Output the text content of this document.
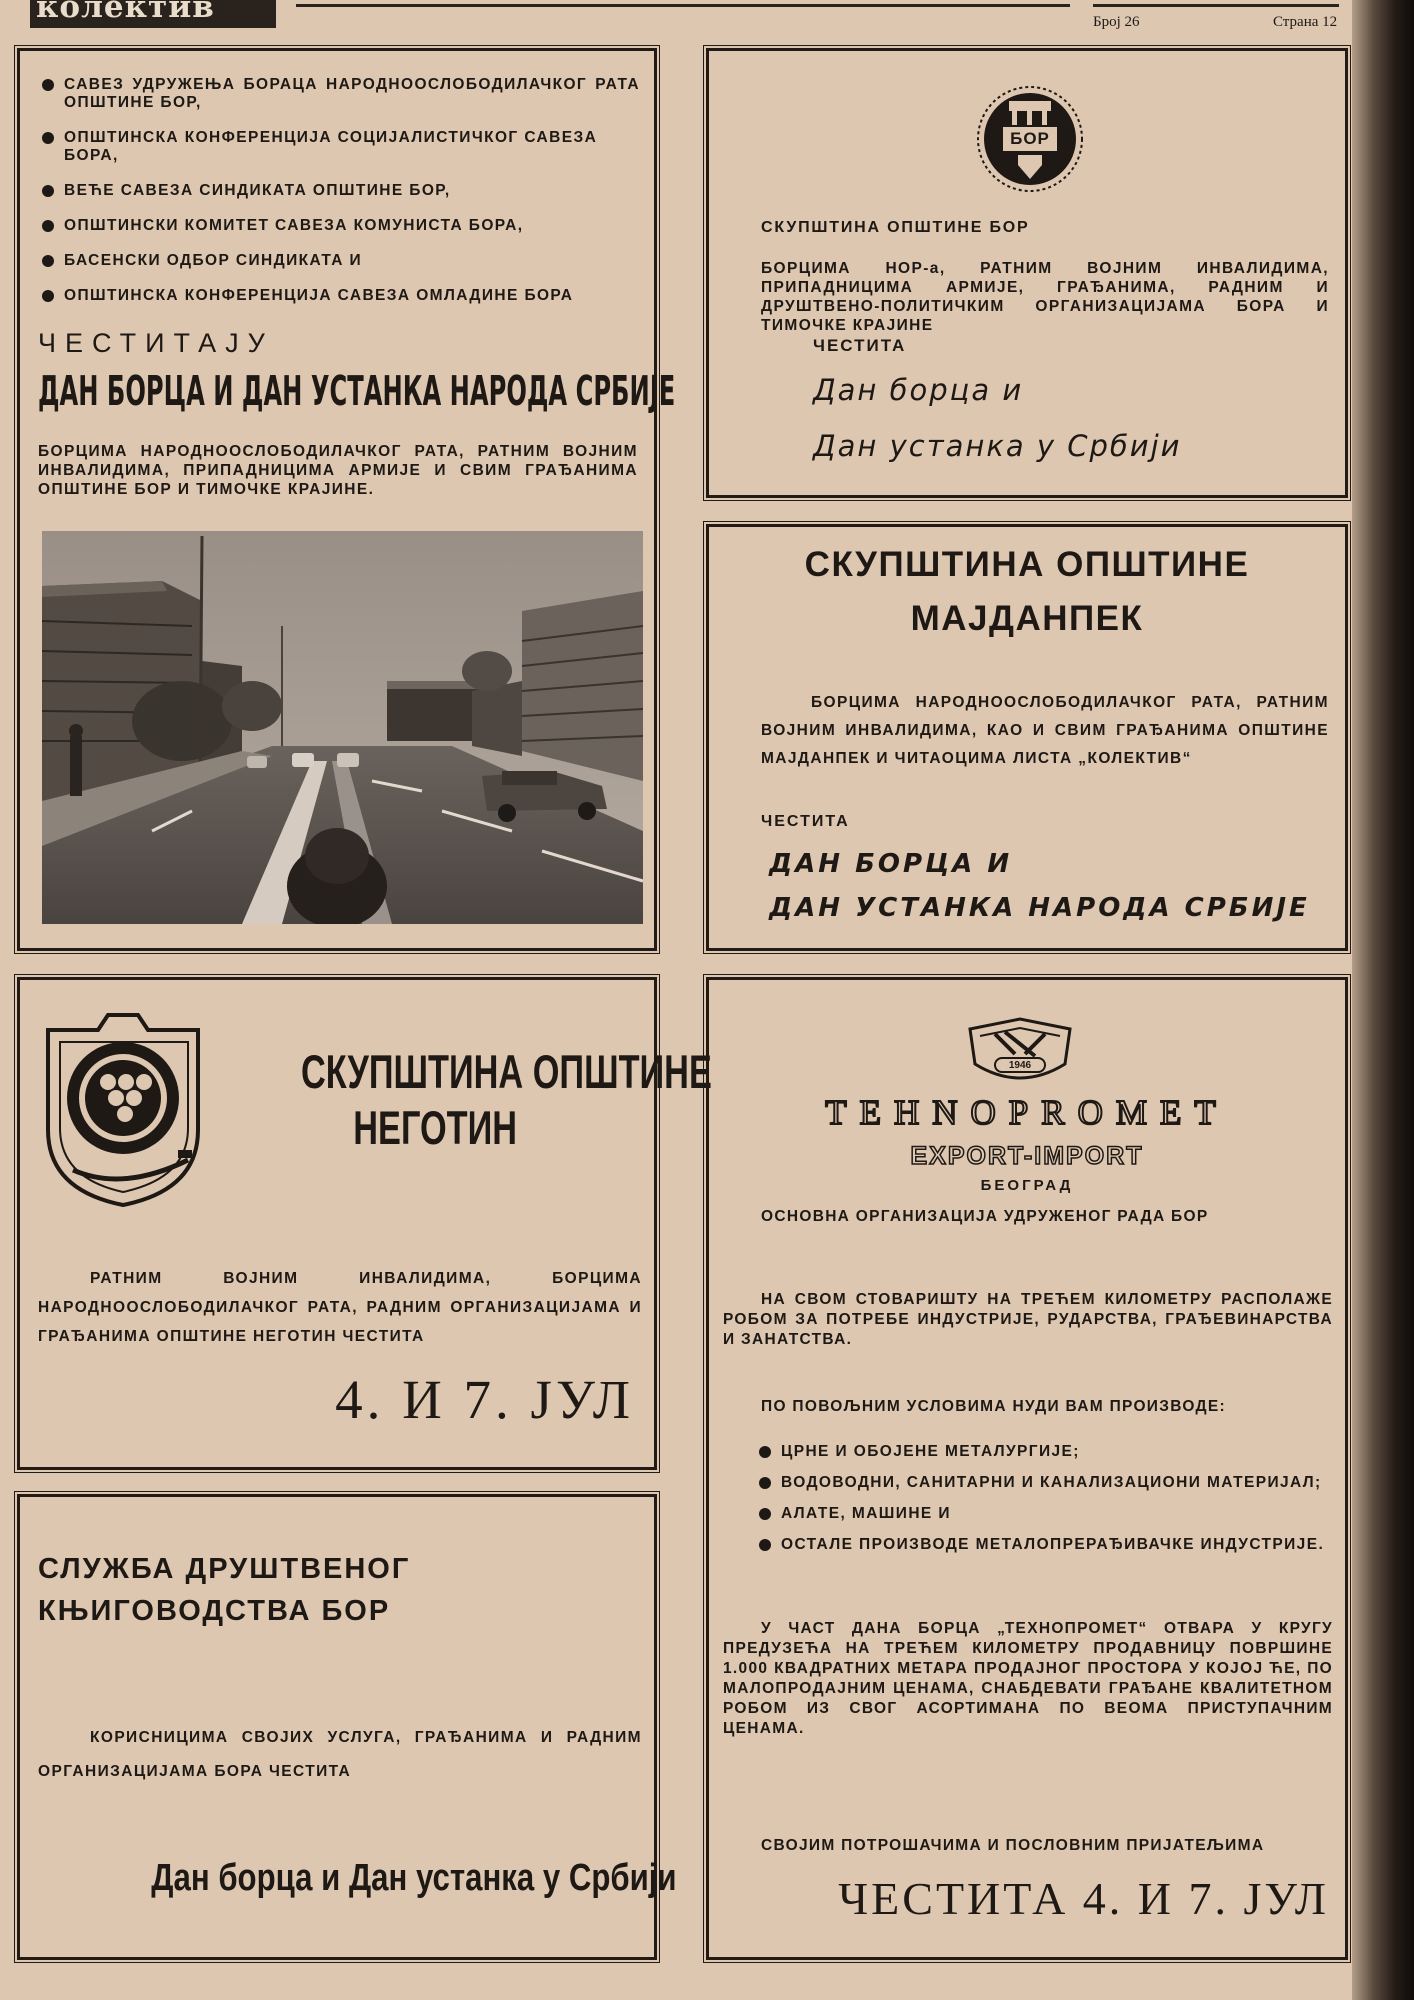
колектив	Број 26	Страна 12
САВЕЗ УДРУЖЕЊА БОРАЦА НАРОДНООСЛОБОДИЛАЧКОГ РАТА ОПШТИНЕ БОР,
ОПШТИНСКА КОНФЕРЕНЦИЈА СОЦИЈАЛИСТИЧКОГ САВЕЗА БОРА,
ВЕЋЕ САВЕЗА СИНДИКАТА ОПШТИНЕ БОР,
ОПШТИНСКИ КОМИТЕТ САВЕЗА КОМУНИСТА БОРА,
БАСЕНСКИ ОДБОР СИНДИКАТА И
ОПШТИНСКА КОНФЕРЕНЦИЈА САВЕЗА ОМЛАДИНЕ БОРА
ЧЕСТИТАЈУ
ДАН БОРЦА И ДАН УСТАНКА НАРОДА СРБИЈЕ
БОРЦИМА НАРОДНООСЛОБОДИЛАЧКОГ РАТА, РАТНИМ ВОЈНИМ ИНВАЛИДИМА, ПРИПАДНИЦИМА АРМИЈЕ И СВИМ ГРАЂАНИМА ОПШТИНЕ БОР И ТИМОЧКЕ КРАЈИНЕ.
БОР
СКУПШТИНА ОПШТИНЕ БОР
БОРЦИМА НОР-а, РАТНИМ ВОЈНИМ ИНВАЛИДИМА, ПРИПАДНИЦИМА АРМИЈЕ, ГРАЂАНИМА, РАДНИМ И ДРУШТВЕНО-ПОЛИТИЧКИМ ОРГАНИЗАЦИЈАМА БОРА И ТИМОЧКЕ КРАЈИНЕ
ЧЕСТИТА
Дан борца и
Дан устанка у Србији
СКУПШТИНА ОПШТИНЕ
МАЈДАНПЕК
БОРЦИМА НАРОДНООСЛОБОДИЛАЧКОГ РАТА, РАТНИМ ВОЈНИМ ИНВАЛИДИМА, КАО И СВИМ ГРАЂАНИМА ОПШТИНЕ МАЈДАНПЕК И ЧИТАОЦИМА ЛИСТА „КОЛЕКТИВ“
ЧЕСТИТА
ДАН БОРЦА И
ДАН УСТАНКА НАРОДА СРБИЈЕ
СКУПШТИНА ОПШТИНЕ
НЕГОТИН
РАТНИМ ВОЈНИМ ИНВАЛИДИМА, БОРЦИМА НАРОДНООСЛОБОДИЛАЧКОГ РАТА, РАДНИМ ОРГАНИЗАЦИЈАМА И ГРАЂАНИМА ОПШТИНЕ НЕГОТИН ЧЕСТИТА
4. И 7. ЈУЛ
1946
TEHNOPROMET
EXPORT-IMPORT
БЕОГРАД
ОСНОВНА ОРГАНИЗАЦИЈА УДРУЖЕНОГ РАДА БОР
НА СВОМ СТОВАРИШТУ НА ТРЕЋЕМ КИЛОМЕТРУ РАСПОЛАЖЕ РОБОМ ЗА ПОТРЕБЕ ИНДУСТРИЈЕ, РУДАРСТВА, ГРАЂЕВИНАРСТВА И ЗАНАТСТВА.
ПО ПОВОЉНИМ УСЛОВИМА НУДИ ВАМ ПРОИЗВОДЕ:
ЦРНЕ И ОБОЈЕНЕ МЕТАЛУРГИЈЕ;
ВОДОВОДНИ, САНИТАРНИ И КАНАЛИЗАЦИОНИ МАТЕРИЈАЛ;
АЛАТЕ, МАШИНЕ И
ОСТАЛЕ ПРОИЗВОДЕ МЕТАЛОПРЕРАЂИВАЧКЕ ИНДУСТРИЈЕ.
У ЧАСТ ДАНА БОРЦА „ТЕХНОПРОМЕТ“ ОТВАРА У КРУГУ ПРЕДУЗЕЋА НА ТРЕЋЕМ КИЛОМЕТРУ ПРОДАВНИЦУ ПОВРШИНЕ 1.000 КВАДРАТНИХ МЕТАРА ПРОДАЈНОГ ПРОСТОРА У КОЈОЈ ЋЕ, ПО МАЛОПРОДАЈНИМ ЦЕНАМА, СНАБДЕВАТИ ГРАЂАНЕ КВАЛИТЕТНОМ РОБОМ ИЗ СВОГ АСОРТИМАНА ПО ВЕОМА ПРИСТУПАЧНИМ ЦЕНАМА.
СВОЈИМ ПОТРОШАЧИМА И ПОСЛОВНИМ ПРИЈАТЕЉИМА
ЧЕСТИТА 4. И 7. ЈУЛ
СЛУЖБА ДРУШТВЕНОГ
КЊИГОВОДСТВА БОР
КОРИСНИЦИМА СВОЈИХ УСЛУГА, ГРАЂАНИМА И РАДНИМ ОРГАНИЗАЦИЈАМА БОРА ЧЕСТИТА
Дан борца и Дан устанка у Србији
